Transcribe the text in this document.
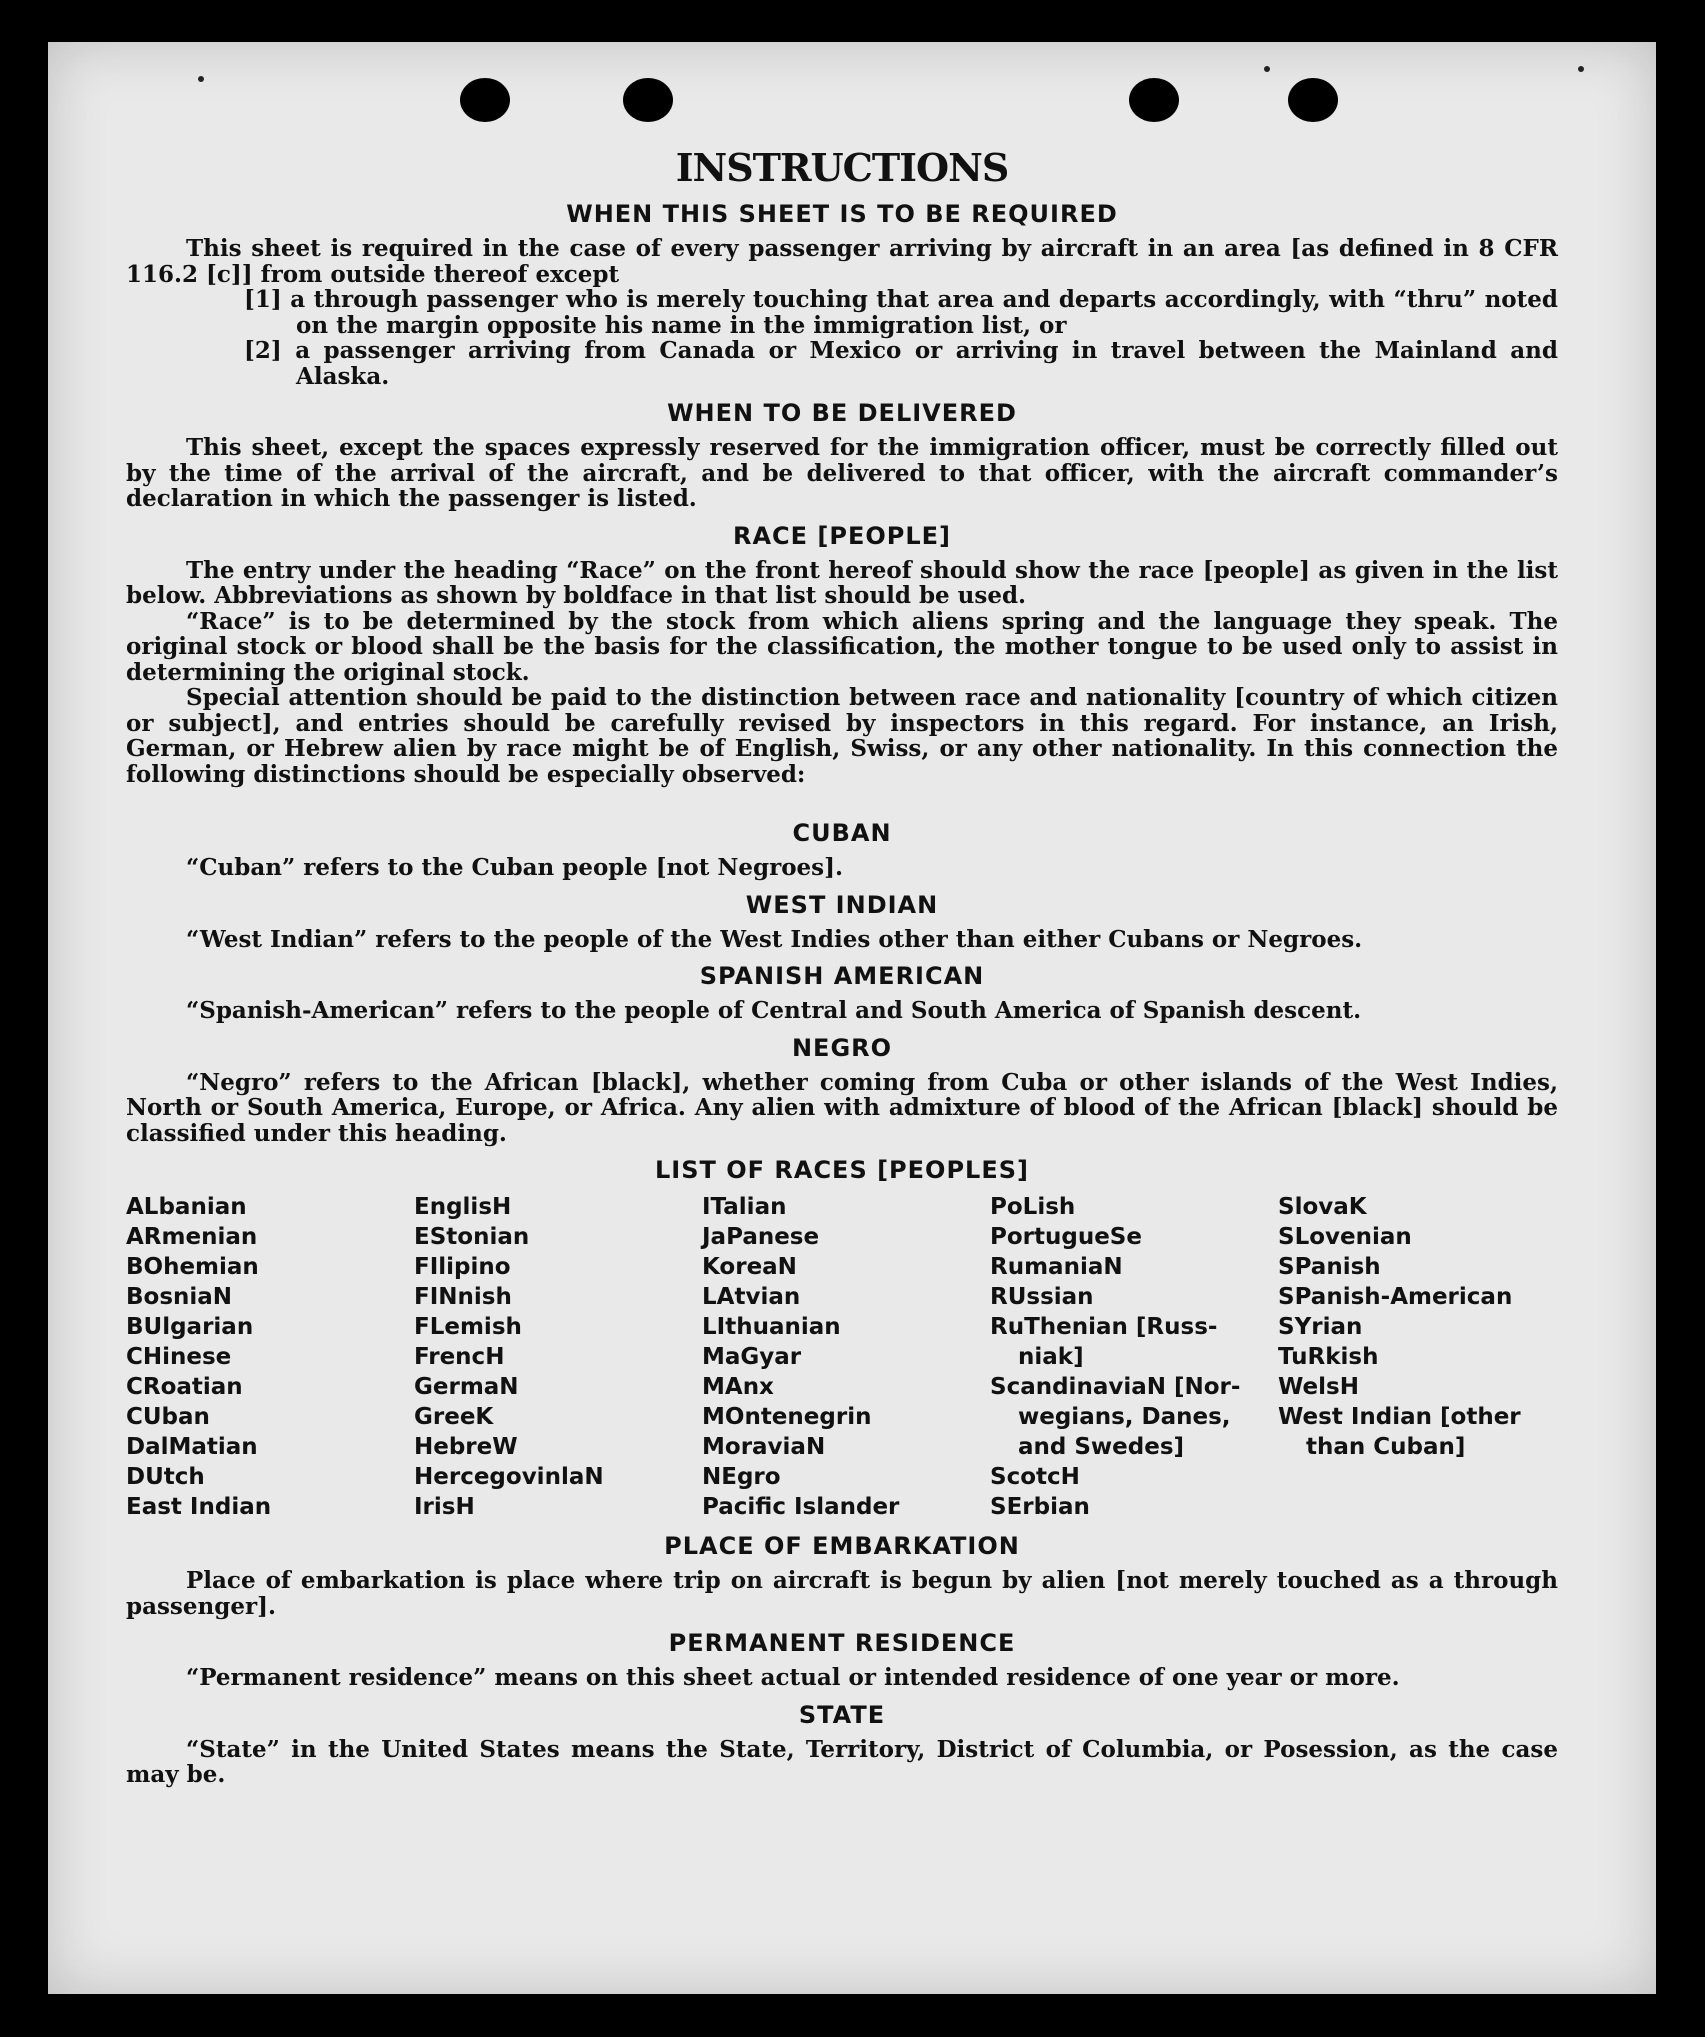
INSTRUCTIONS
WHEN THIS SHEET IS TO BE REQUIRED

This sheet is required in the case of every passenger arriving by aircraft in an area [as defined in 8 CFR 116.2 [c]] from outside thereof except

[1] a through passenger who is merely touching that area and departs accordingly, with “thru” noted on the margin opposite his name in the immigration list, or
[2] a passenger arriving from Canada or Mexico or arriving in travel between the Mainland and Alaska.
WHEN TO BE DELIVERED

This sheet, except the spaces expressly reserved for the immigration officer, must be correctly filled out by the time of the arrival of the aircraft, and be delivered to that officer, with the aircraft commander’s declaration in which the passenger is listed.

RACE [PEOPLE]

The entry under the heading “Race” on the front hereof should show the race [people] as given in the list below. Abbreviations as shown by boldface in that list should be used.

“Race” is to be determined by the stock from which aliens spring and the language they speak. The original stock or blood shall be the basis for the classification, the mother tongue to be used only to assist in determining the original stock.

Special attention should be paid to the distinction between race and nationality [country of which citizen or subject], and entries should be carefully revised by inspectors in this regard. For instance, an Irish, German, or Hebrew alien by race might be of English, Swiss, or any other nationality. In this connection the following distinctions should be especially observed:

CUBAN

“Cuban” refers to the Cuban people [not Negroes].

WEST INDIAN

“West Indian” refers to the people of the West Indies other than either Cubans or Negroes.

SPANISH AMERICAN

“Spanish-American” refers to the people of Central and South America of Spanish descent.

NEGRO

“Negro” refers to the African [black], whether coming from Cuba or other islands of the West Indies, North or South America, Europe, or Africa. Any alien with admixture of blood of the African [black] should be classified under this heading.

LIST OF RACES [PEOPLES]
ALbanian
ARmenian
BOhemian
BosniaN
BUlgarian
CHinese
CRoatian
CUban
DalMatian
DUtch
East Indian
EnglisH
EStonian
FIlipino
FINnish
FLemish
FrencH
GermaN
GreeK
HebreW
HercegovinlaN
IrisH
ITalian
JaPanese
KoreaN
LAtvian
LIthuanian
MaGyar
MAnx
MOntenegrin
MoraviaN
NEgro
Pacific Islander
PoLish
PortugueSe
RumaniaN
RUssian
RuThenian [Russ-
niak]
ScandinaviaN [Nor-
wegians, Danes,
and Swedes]
ScotcH
SErbian
SlovaK
SLovenian
SPanish
SPanish-American
SYrian
TuRkish
WelsH
West Indian [other
than Cuban]
PLACE OF EMBARKATION

Place of embarkation is place where trip on aircraft is begun by alien [not merely touched as a through passenger].

PERMANENT RESIDENCE

“Permanent residence” means on this sheet actual or intended residence of one year or more.

STATE

“State” in the United States means the State, Territory, District of Columbia, or Posession, as the case may be.
